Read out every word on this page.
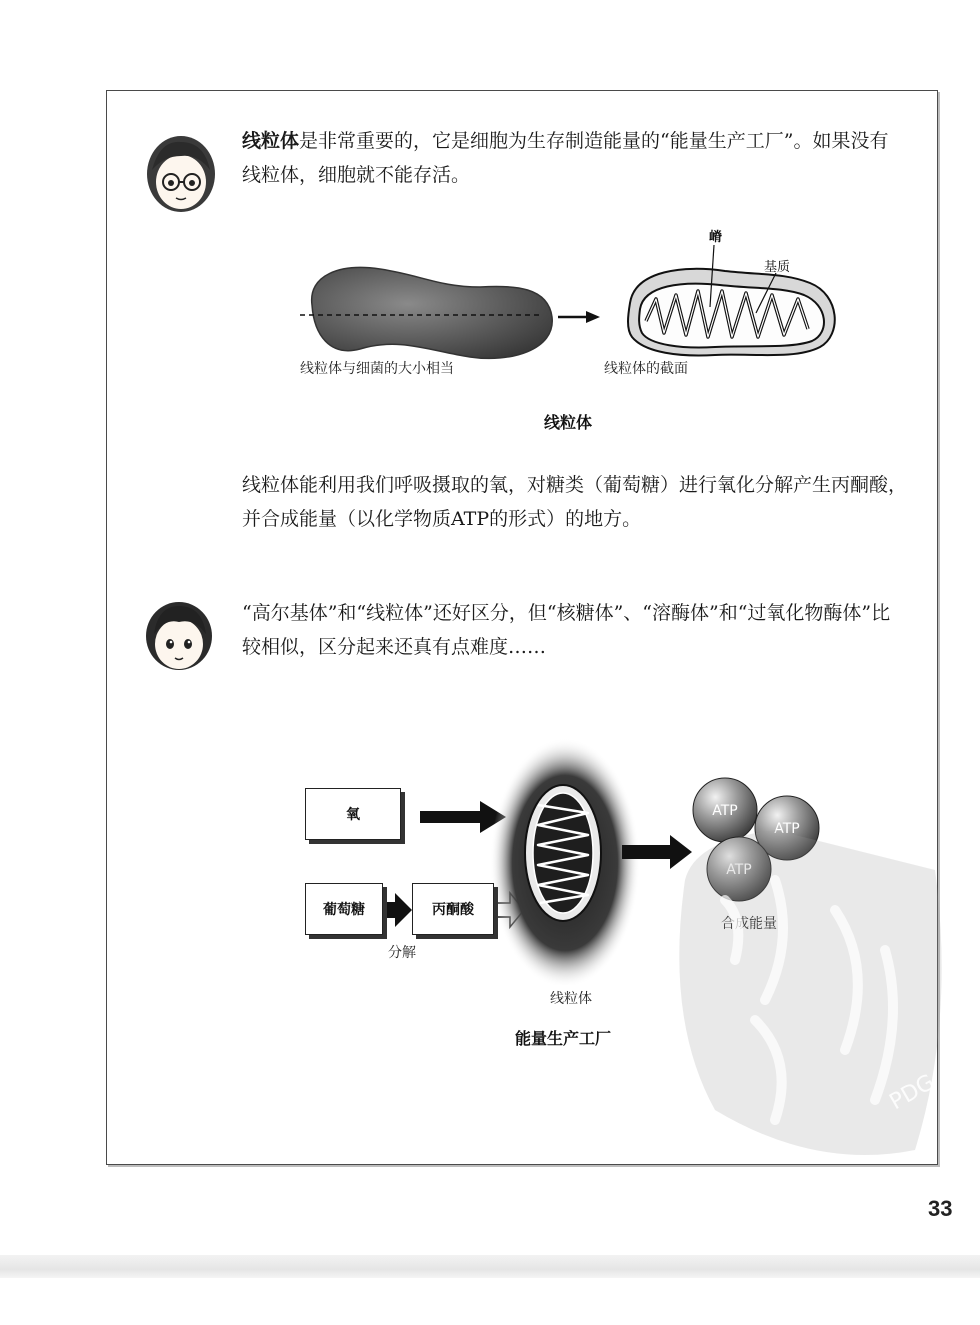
线粒体是非常重要的，它是细胞为生存制造能量的“能量生产工厂”。如果没有线粒体，细胞就不能存活。
嵴
基质
线粒体与细菌的大小相当	线粒体的截面
线粒体
线粒体能利用我们呼吸摄取的氧，对糖类（葡萄糖）进行氧化分解产生丙酮酸，并合成能量（以化学物质ATP的形式）的地方。
“高尔基体”和“线粒体”还好区分，但“核糖体”、“溶酶体”和“过氧化物酶体”比较相似，区分起来还真有点难度……
ATP
ATP
ATP
氧
葡萄糖	丙酮酸
分解
合成能量
线粒体
能量生产工厂
PDG
33
